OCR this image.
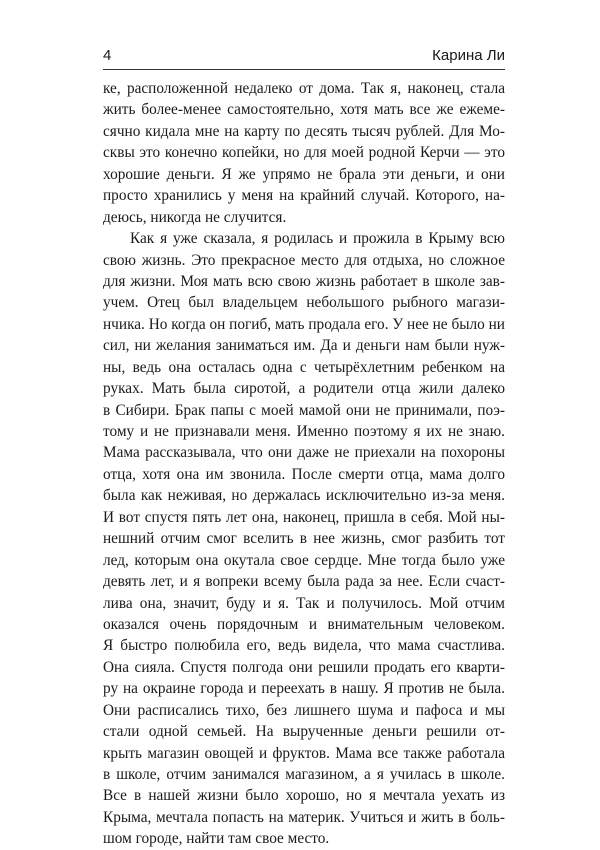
4	Карина Ли
ке, расположенной недалеко от дома. Так я, наконец, стала
жить более-менее самостоятельно, хотя мать все же ежеме-
сячно кидала мне на карту по десять тысяч рублей. Для Мо-
сквы это конечно копейки, но для моей родной Керчи — это
хорошие деньги. Я же упрямо не брала эти деньги, и они
просто хранились у меня на крайний случай. Которого, на-
деюсь, никогда не случится.
Как я уже сказала, я родилась и прожила в Крыму всю
свою жизнь. Это прекрасное место для отдыха, но сложное
для жизни. Моя мать всю свою жизнь работает в школе зав-
учем. Отец был владельцем небольшого рыбного магази-
нчика. Но когда он погиб, мать продала его. У нее не было ни
сил, ни желания заниматься им. Да и деньги нам были нуж-
ны, ведь она осталась одна с четырёхлетним ребенком на
руках. Мать была сиротой, а родители отца жили далеко
в Сибири. Брак папы с моей мамой они не принимали, поэ-
тому и не признавали меня. Именно поэтому я их не знаю.
Мама рассказывала, что они даже не приехали на похороны
отца, хотя она им звонила. После смерти отца, мама долго
была как неживая, но держалась исключительно из-за меня.
И вот спустя пять лет она, наконец, пришла в себя. Мой ны-
нешний отчим смог вселить в нее жизнь, смог разбить тот
лед, которым она окутала свое сердце. Мне тогда было уже
девять лет, и я вопреки всему была рада за нее. Если счаст-
лива она, значит, буду и я. Так и получилось. Мой отчим
оказался очень порядочным и внимательным человеком.
Я быстро полюбила его, ведь видела, что мама счастлива.
Она сияла. Спустя полгода они решили продать его кварти-
ру на окраине города и переехать в нашу. Я против не была.
Они расписались тихо, без лишнего шума и пафоса и мы
стали одной семьей. На вырученные деньги решили от-
крыть магазин овощей и фруктов. Мама все также работала
в школе, отчим занимался магазином, а я училась в школе.
Все в нашей жизни было хорошо, но я мечтала уехать из
Крыма, мечтала попасть на материк. Учиться и жить в боль-
шом городе, найти там свое место.
